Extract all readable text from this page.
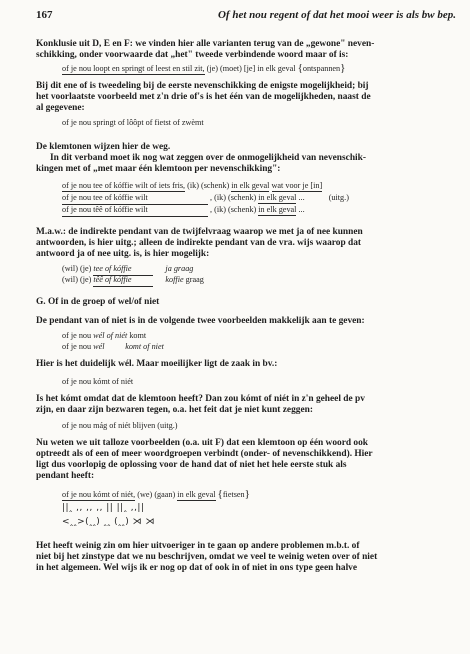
167	Of het nou regent of dat het mooi weer is als bw bep.
Konklusie uit D, E en F: we vinden hier alle varianten terug van de „gewone" neven-
schikking, onder voorwaarde dat „het" tweede verbindende woord maar of is:
of je nou loopt en springt of leest en stil zit, (je) (moet) [je] in elk geval {ontspannen}
Bij dit ene of is tweedeling bij de eerste nevenschikking de enigste mogelijkheid; bij
het voorlaatste voorbeeld met z'n drie of's is het één van de mogelijkheden, naast de
al gegevene:
of je nou springt of lôôpt of fietst of zwèmt
De klemtonen wijzen hier de weg.
In dit verband moet ik nog wat zeggen over de onmogelijkheid van nevenschik-
kingen met of „met maar één klemtoon per nevenschikking":
of je nou tee of kóffie wilt of iets fris, (ik) (schenk) in elk geval wat voor je [in]
of je nou tee of kóffie wilt	, (ik) (schenk) in elk geval ...	(uitg.)
of je nou têê of kóffie wilt	, (ik) (schenk) in elk geval ...
M.a.w.: de indirekte pendant van de twijfelvraag waarop we met ja of nee kunnen
antwoorden, is hier uitg.; alleen de indirekte pendant van de vra. wijs waarop dat
antwoord ja of nee uitg. is, is hier mogelijk:
(wil) (je) tee of kóffie	ja graag
(wil) (je) têê of kóffie	koffie graag
G. Of in de groep of wel/of niet
De pendant van of niet is in de volgende twee voorbeelden makkelijk aan te geven:
of je nou wél of niét komt
of je nou wél	komt of niet
Hier is het duidelijk wél. Maar moeilijker ligt de zaak in bv.:
of je nou kómt of niét
Is het kómt omdat dat de klemtoon heeft? Dan zou kómt of niét in z'n geheel de pv
zijn, en daar zijn bezwaren tegen, o.a. het feit dat je niet kunt zeggen:
of je nou mág of niét blijven (uitg.)
Nu weten we uit talloze voorbeelden (o.a. uit F) dat een klemtoon op één woord ook
optreedt als of een of meer woordgroepen verbindt (onder- of nevenschikkend). Hier
ligt dus voorlopig de oplossing voor de hand dat of niet het hele eerste stuk als
pendant heeft:
of je nou kómt of niét, (we) (gaan) in elk geval {fietsen}
||‸ ‚‚ ‚‚ ‚‚ || ||‸ ‚‚||
<‸‸>(‸‸) ‸‸ (‸‸) ⋊ ⋊
Het heeft weinig zin om hier uitvoeriger in te gaan op andere problemen m.b.t. of
niet bij het zinstype dat we nu beschrijven, omdat we veel te weinig weten over of niet
in het algemeen. Wel wijs ik er nog op dat of ook in of niet in ons type geen halve
